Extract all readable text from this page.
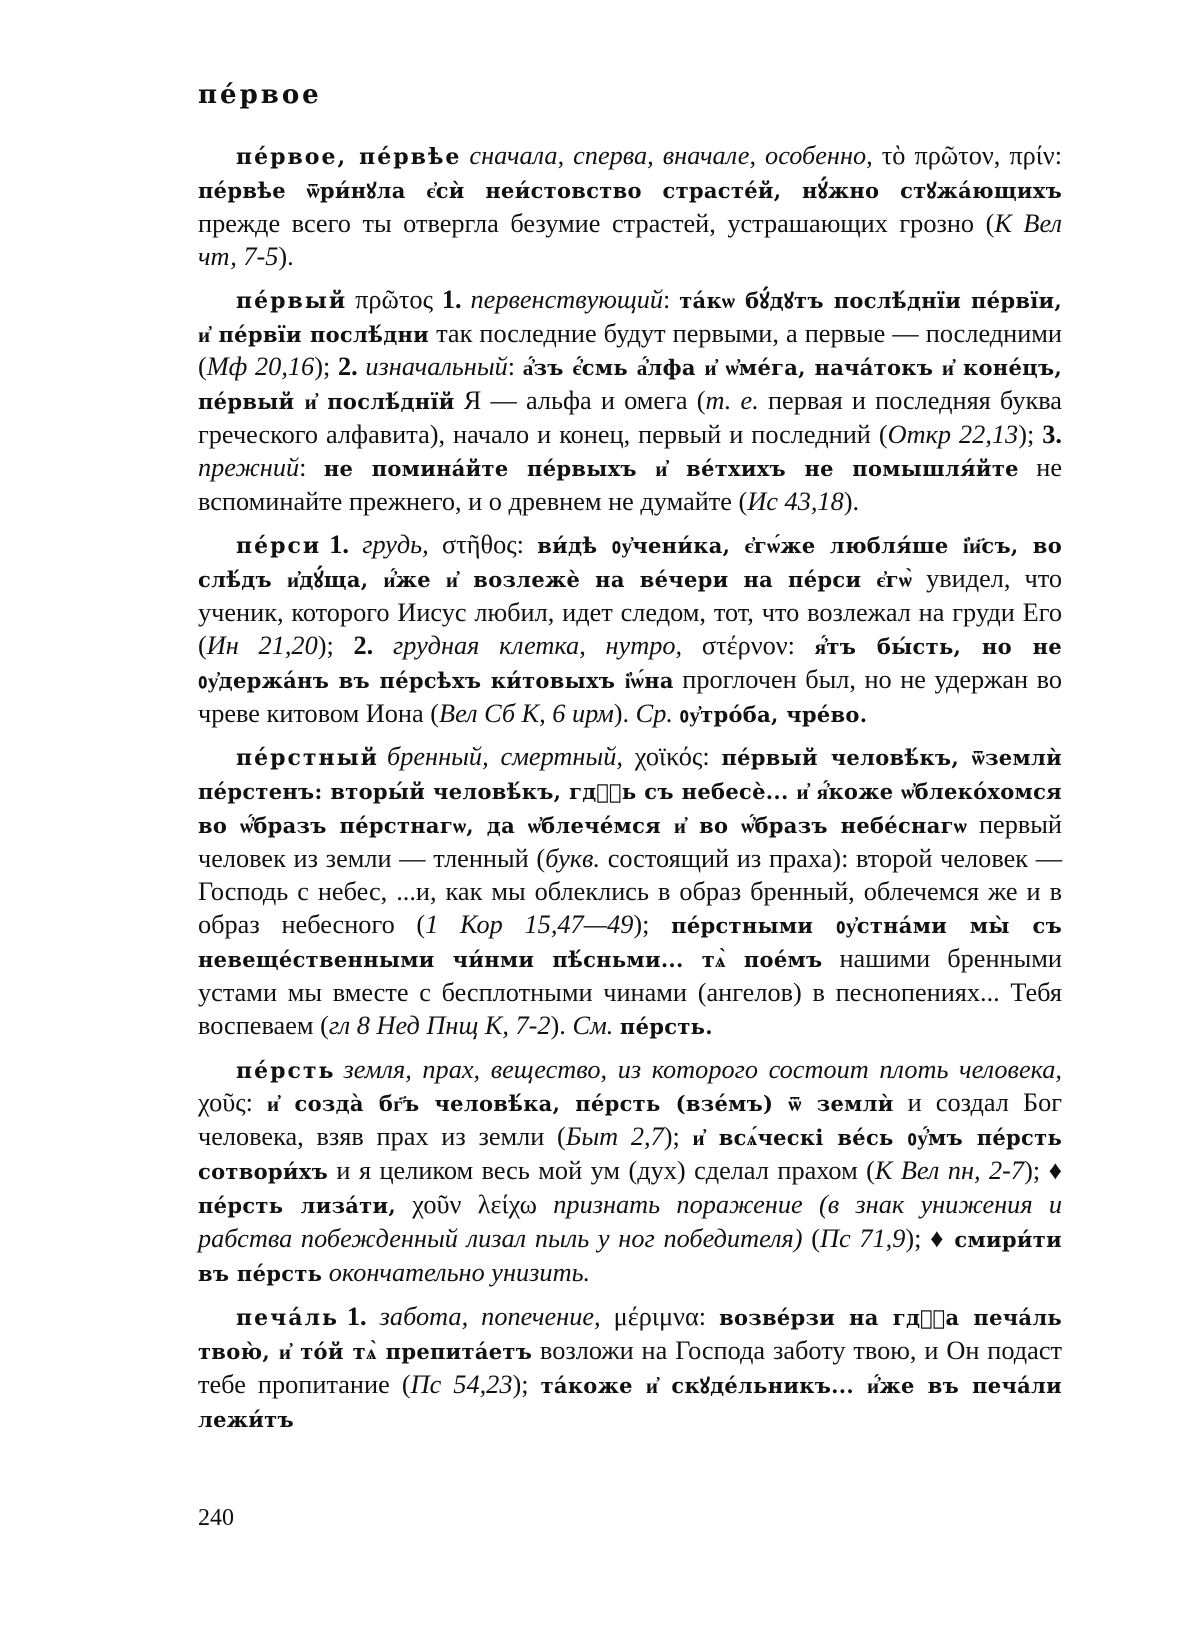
пе́рвое

пе́рвое, пе́рвѣе сначала, сперва, вначале, особенно, τὸ πρῶτον, πρίν: пе́рвѣе ѿри́нꙋла є҆сѝ неи́стовство страсте́й, нꙋ́жно стꙋжа́ющихъ прежде всего ты отвергла безумие страстей, устрашающих грозно (К Вел чт, 7-5).

пе́рвый πρῶτος 1. первенствующий: та́кѡ бꙋ́дꙋтъ послѣ́днїи пе́рвїи, и҆ пе́рвїи послѣ́дни так последние будут первыми, а первые — последними (Мф 20,16); 2. изначальный: а҆́зъ є҆́смь а҆́лфа и҆ ѡ҆ме́га, нача́токъ и҆ коне́цъ, пе́рвый и҆ послѣ́днїй Я — альфа и омега (т. е. первая и последняя буква греческого алфавита), начало и конец, первый и последний (Откр 22,13); 3. прежний: не помина́йте пе́рвыхъ и҆ ве́тхихъ не помышля́йте не вспоминайте прежнего, и о древнем не думайте (Ис 43,18).

пе́рси 1. грудь, στῆθος: ви́дѣ ᲂу҆чени́ка, є҆гѡ́же любля́ше і҆и҃съ, во слѣ́дъ и҆дꙋ́ща, и҆́же и҆ возлежѐ на ве́чери на пе́рси є҆гѡ̀ увидел, что ученик, которого Иисус любил, идет следом, тот, что возлежал на груди Его (Ин 21,20); 2. грудная клетка, нутро, στέρνον: я҆́тъ бы́сть, но не ᲂу҆держа́нъ въ пе́рсѣхъ ки́товыхъ і҆ѡ́на проглочен был, но не удержан во чреве китовом Иона (Вел Сб К, 6 ирм). Ср. ᲂу҆тро́ба, чре́во.

пе́рстный бренный, смертный, χοϊκός: пе́рвый человѣ́къ, ѿземлѝ пе́рстенъ: вторы́й человѣ́къ, гдⷭ҇ь съ небесѐ... и҆ я҆́коже ѡ҆блеко́хомся во ѡ҆́бразъ пе́рстнагѡ, да ѡ҆блече́мся и҆ во ѡ҆́бразъ небе́снагѡ первый человек из земли — тленный (букв. состоящий из праха): второй человек — Господь с небес, ...и, как мы облеклись в образ бренный, облечемся же и в образ небесного (1 Кор 15,47—49); пе́рстными ᲂу҆стна́ми мы̀ съ невеще́ственными чи́нми пѣ́сньми... тѧ̀ пое́мъ нашими бренными устами мы вместе с бесплотными чинами (ангелов) в песнопениях... Тебя воспеваем (гл 8 Нед Пнщ К, 7-2). См. пе́рсть.

пе́рсть земля, прах, вещество, из которого состоит плоть человека, χοῦς: и҆ созда̀ бг҃ъ человѣ́ка, пе́рсть (взе́мъ) ѿ землѝ и создал Бог человека, взяв прах из земли (Быт 2,7); и҆ всѧ́ческі ве́сь ᲂу҆́мъ пе́рсть сотвори́хъ и я целиком весь мой ум (дух) сделал прахом (К Вел пн, 2-7); ♦ пе́рсть лиза́ти, χοῦν λείχω признать поражение (в знак унижения и рабства побежденный лизал пыль у ног победителя) (Пс 71,9); ♦ смири́ти въ пе́рсть окончательно унизить.

печа́ль 1. забота, попечение, μέριμνα: возве́рзи на гдⷭ҇а печа́ль твою̀, и҆ то́й тѧ̀ препита́етъ возложи на Господа заботу твою, и Он подаст тебе пропитание (Пс 54,23); та́коже и҆ скꙋде́льникъ... и҆́же въ печа́ли лежи́тъ

240
